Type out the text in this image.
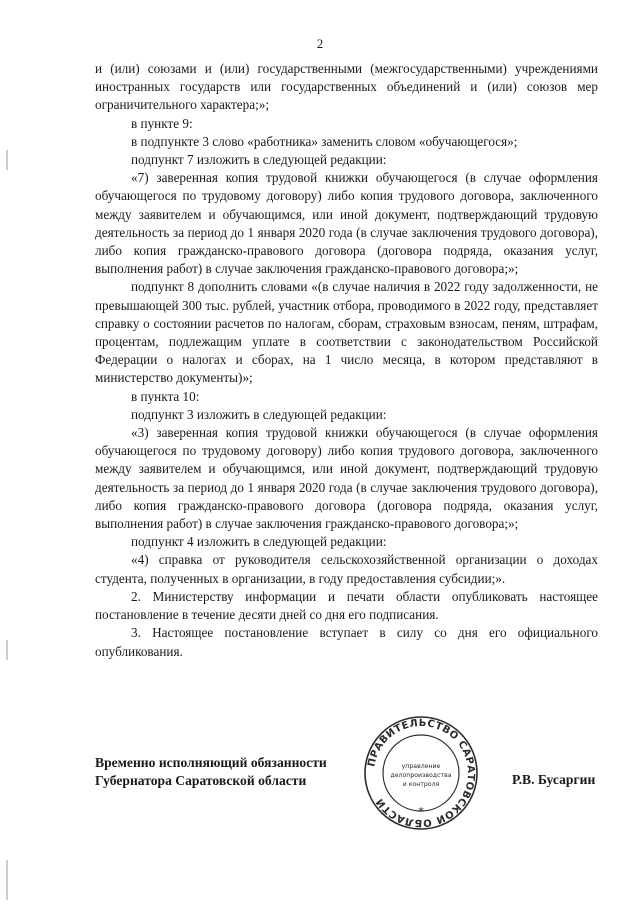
2

и (или) союзами и (или) государственными (межгосударственными) учреждениями иностранных государств или государственных объединений и (или) союзов мер ограничительного характера;»;

в пункте 9:

в подпункте 3 слово «работника» заменить словом «обучающегося»;

подпункт 7 изложить в следующей редакции:

«7) заверенная копия трудовой книжки обучающегося (в случае оформления обучающегося по трудовому договору) либо копия трудового договора, заключенного между заявителем и обучающимся, или иной документ, подтверждающий трудовую деятельность за период до 1 января 2020 года (в случае заключения трудового договора), либо копия гражданско-правового договора (договора подряда, оказания услуг, выполнения работ) в случае заключения гражданско-правового договора;»;

подпункт 8 дополнить словами «(в случае наличия в 2022 году задолженности, не превышающей 300 тыс. рублей, участник отбора, проводимого в 2022 году, представляет справку о состоянии расчетов по налогам, сборам, страховым взносам, пеням, штрафам, процентам, подлежащим уплате в соответствии с законодательством Российской Федерации о налогах и сборах, на 1 число месяца, в котором представляют в министерство документы)»;

в пункта 10:

подпункт 3 изложить в следующей редакции:

«3) заверенная копия трудовой книжки обучающегося (в случае оформления обучающегося по трудовому договору) либо копия трудового договора, заключенного между заявителем и обучающимся, или иной документ, подтверждающий трудовую деятельность за период до 1 января 2020 года (в случае заключения трудового договора), либо копия гражданско-правового договора (договора подряда, оказания услуг, выполнения работ) в случае заключения гражданско-правового договора;»;

подпункт 4 изложить в следующей редакции:

«4) справка от руководителя сельскохозяйственной организации о доходах студента, полученных в организации, в году предоставления субсидии;».

2. Министерству информации и печати области опубликовать настоящее постановление в течение десяти дней со дня его подписания.

3. Настоящее постановление вступает в силу со дня его официального опубликования.

Временно исполняющий обязанности
Губернатора Саратовской области
ПРАВИТЕЛЬСТВО САРАТОВСКОЙ ОБЛАСТИ
*
управление
делопроизводства
и контроля	Р.В. Бусаргин
